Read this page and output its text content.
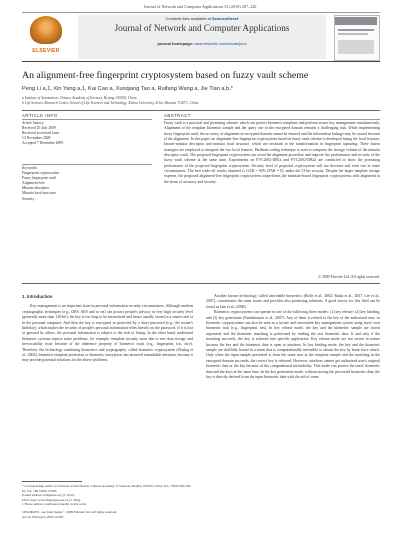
Journal of Network and Computer Applications 33 (2010) 207–220
ELSEVIER
Contents lists available at ScienceDirect
Journal of Network and Computer Applications
journal homepage: www.elsevier.com/locate/jnca
An alignment-free fingerprint cryptosystem based on fuzzy vault scheme
Peng Li a,1, Xin Yang a,1, Kai Cao a, Xunqiang Tao a, Ruifang Wang a, Jie Tian a,b,*
a Institute of Automation, Chinese Academy of Sciences, Beijing 100190, China
b Life Sciences Research Center, School of Life Sciences and Technology, Xidian University, Xi'an, Shaanxi 710071, China
ARTICLE INFO	ABSTRACT
Article history:
Received 29 July 2009
Received in revised form
13 November 2009
Accepted 7 December 2009
Keywords:
Fingerprint cryptosystem
Fuzzy fingerprint vault
Alignment-free
Minutia descriptor
Minutia local structure
Security
Fuzzy vault is a practical and promising scheme, which can protect biometric templates and perform secure key management simultaneously. Alignment of the template biometric sample and the query one in the encrypted domain remains a challenging task. While implementing fuzzy fingerprint vault, the accuracy of alignment in encrypted domain cannot be ensured and the information leakage may be caused because of the alignment. In this paper, an alignment-free fingerprint cryptosystem based on fuzzy vault scheme is developed fusing the local features, known-minutia descriptor and minutia local structure, which are invariant to the transformation in fingerprint capturing. Three fusion strategies are employed to integrate the two local features. Huffman coding technique is used to compress the storage volume of the minutia descriptor vault. The proposed fingerprint cryptosystem can avoid the alignment procedure and improve the performance and security of the fuzzy vault scheme at the same time. Experiments on FVC2002-DB1a and FVC2002-DB2a are conducted to show the promising performance of the proposed fingerprint cryptosystem. Security level of proposed cryptosystem will not decrease and even rise in some circumstances. The best trade-off results obtained is GAR = 92% (FAR = 0), under the 53-bit security. Despite the larger template storage expense, the proposed alignment-free fingerprint cryptosystem outperforms the minutiae-based fingerprint cryptosystems with alignment in the terms of accuracy and security.
© 2009 Elsevier Ltd. All rights reserved.
1. Introduction
Key management is an important issue in personal information security circumstances. Although modern cryptographic techniques (e.g., DES, AES and so on) can protect people's privacy in very high security level (generally more than 128-bit), the key is too long to be memorized and hence usually stored in a smart-card or in the personal computer. And then the key is encrypted or protected by a short password (e.g., the owner's birthday), which makes the security of people's personal information relies heavily on the password. If it is lost or guessed by others, the personal information is subject to the risk of losing. In the other hand, traditional biometric systems expose some problems, for example, template security issue due to raw data storage and irrevocability issue because of the inherence property of biometric traits (e.g., fingerprint, iris, face). Therefore, the technology combining biometrics and cryptography, called biometric cryptosystem (Uludag et al., 2004), biometric template protection or biometric encryption, has attracted remarkable attention, because it may provide potential solutions for the above problems.
Another known technology, called cancelable biometrics (Bolle et al., 2002; Ratha et al., 2007; Lee et al., 2007), concentrates the same issues and provides also promising solutions. A good survey for this field can be found in Jain et al. (2008).
Biometric cryptosystems can operate in one of the following three modes: (1) key release; (2) key binding; and (3) key generation (Nandakumar et al., 2007). Any of them is related to the key of the authorized user, so biometric cryptosystems can also be seen as a secure and convenient key management system using users' own biometric trait (e.g., fingerprint, iris). In key release mode, the key and the biometric sample are stored separately and the biometric matching is performed by reading the raw biometric data. If and only if the matching succeeds, the key is released into specific application. Key release mode are not secure in nature because the key and the biometric data is open to attackers. In key binding mode, the key and the biometric sample are skillfully bound in a mean that is computationally infeasible to obtain the key by brute force attack. Only when the input sample presented is from the same user as the template sample and the matching in the encrypted domain succeeds, the correct key is released. However, attackers cannot get authorized user's original biometric data or the key because of the computational infeasibility. This mode can protect the users' biometric data and the keys at the same time. In the key generation mode, without storing the processed biometric data, the key is directly derived from the input biometric data with the aid of some
* Corresponding author at: Institute of Automation, Chinese Academy of Sciences, Beijing 100190, China. Tel.: +8610 826 184 65; fax: +86 10625 27995.
E-mail address: tian@ieee.org (J. Tian).
URL: http://www.fingerpass.net.cn (J. Tian).
1 These authors contributed equally to this work.
1084-8045/$ - see front matter © 2009 Elsevier Ltd. All rights reserved.
doi:10.1016/j.jnca.2009.12.003
